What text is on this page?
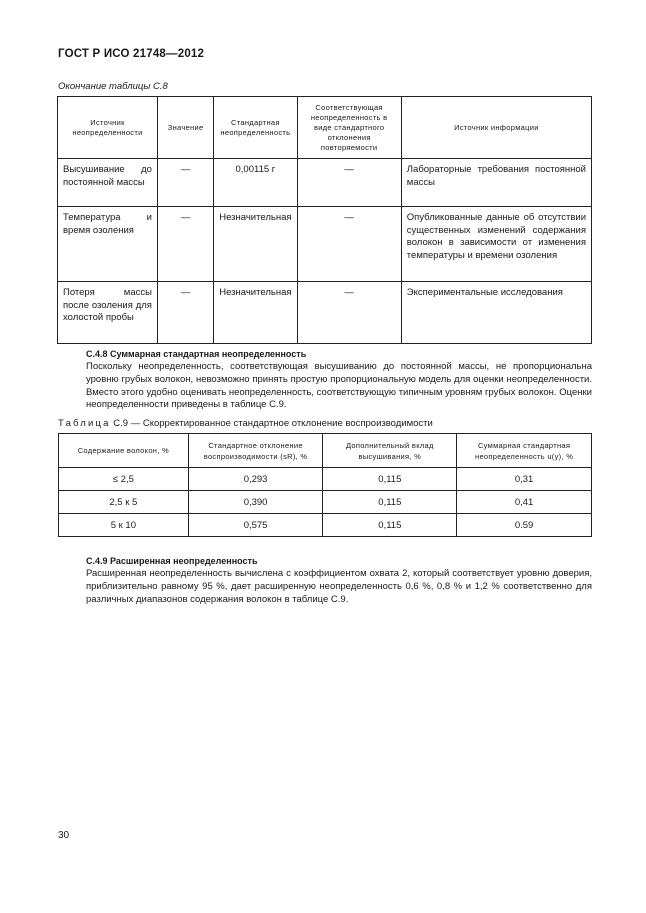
ГОСТ Р ИСО 21748—2012
Окончание таблицы С.8
Источник неопределенности	Значение	Стандартная неопределенность	Соответствующая неопределенность в виде стандартного отклонения повторяемости	Источник информации
Высушивание до постоянной массы	—	0,00115 г	—	Лабораторные требования постоянной массы
Температура и время озоления	—	Незначительная	—	Опубликованные данные об отсутствии существенных изменений содержания волокон в зависимости от изменения температуры и времени озоления
Потеря массы после озоления для холостой пробы	—	Незначительная	—	Экспериментальные исследования
С.4.8 Суммарная стандартная неопределенность
Поскольку неопределенность, соответствующая высушиванию до постоянной массы, не пропорциональна уровню грубых волокон, невозможно принять простую пропорциональную модель для оценки неопределенности. Вместо этого удобно оценивать неопределенность, соответствующую типичным уровням грубых волокон. Оценки неопределенности приведены в таблице С.9.
Таблица С.9 — Скорректированное стандартное отклонение воспроизводимости
Содержание волокон, %	Стандартное отклонение воспроизводимости (sR), %	Дополнительный вклад высушивания, %	Суммарная стандартная неопределенность u(y), %
≤ 2,5	0,293	0,115	0,31
2,5 к 5	0,390	0,115	0,41
5 к 10	0,575	0,115	0.59
С.4.9 Расширенная неопределенность
Расширенная неопределенность вычислена с коэффициентом охвата 2, который соответствует уровню доверия, приблизительно равному 95 %, дает расширенную неопределенность 0,6 %, 0,8 % и 1,2 % соответственно для различных диапазонов содержания волокон в таблице С.9.
30
